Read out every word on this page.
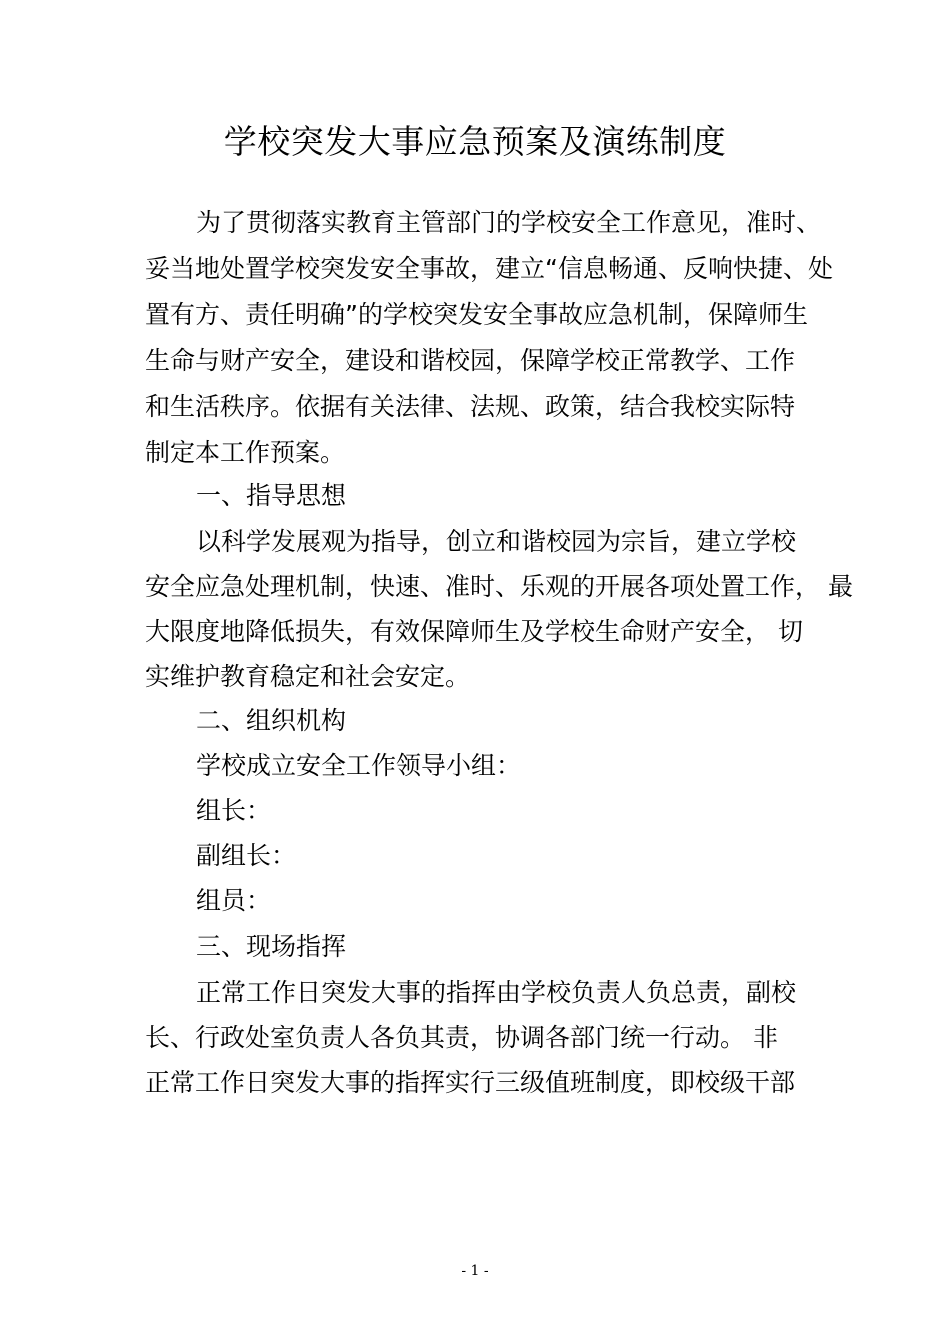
学校突发大事应急预案及演练制度

为了贯彻落实教育主管部门的学校安全工作意见，准时、

妥当地处置学校突发安全事故，建立“信息畅通、反响快捷、处

置有方、责任明确”的学校突发安全事故应急机制，保障师生

生命与财产安全，建设和谐校园，保障学校正常教学、工作

和生活秩序。依据有关法律、法规、政策，结合我校实际特

制定本工作预案。

一、指导思想

以科学发展观为指导，创立和谐校园为宗旨，建立学校

安全应急处理机制，快速、准时、乐观的开展各项处置工作， 最

大限度地降低损失，有效保障师生及学校生命财产安全， 切

实维护教育稳定和社会安定。

二、组织机构

学校成立安全工作领导小组：

组长：

副组长：

组员：

三、现场指挥

正常工作日突发大事的指挥由学校负责人负总责，副校

长、行政处室负责人各负其责，协调各部门统一行动。 非

正常工作日突发大事的指挥实行三级值班制度，即校级干部

- 1 -
